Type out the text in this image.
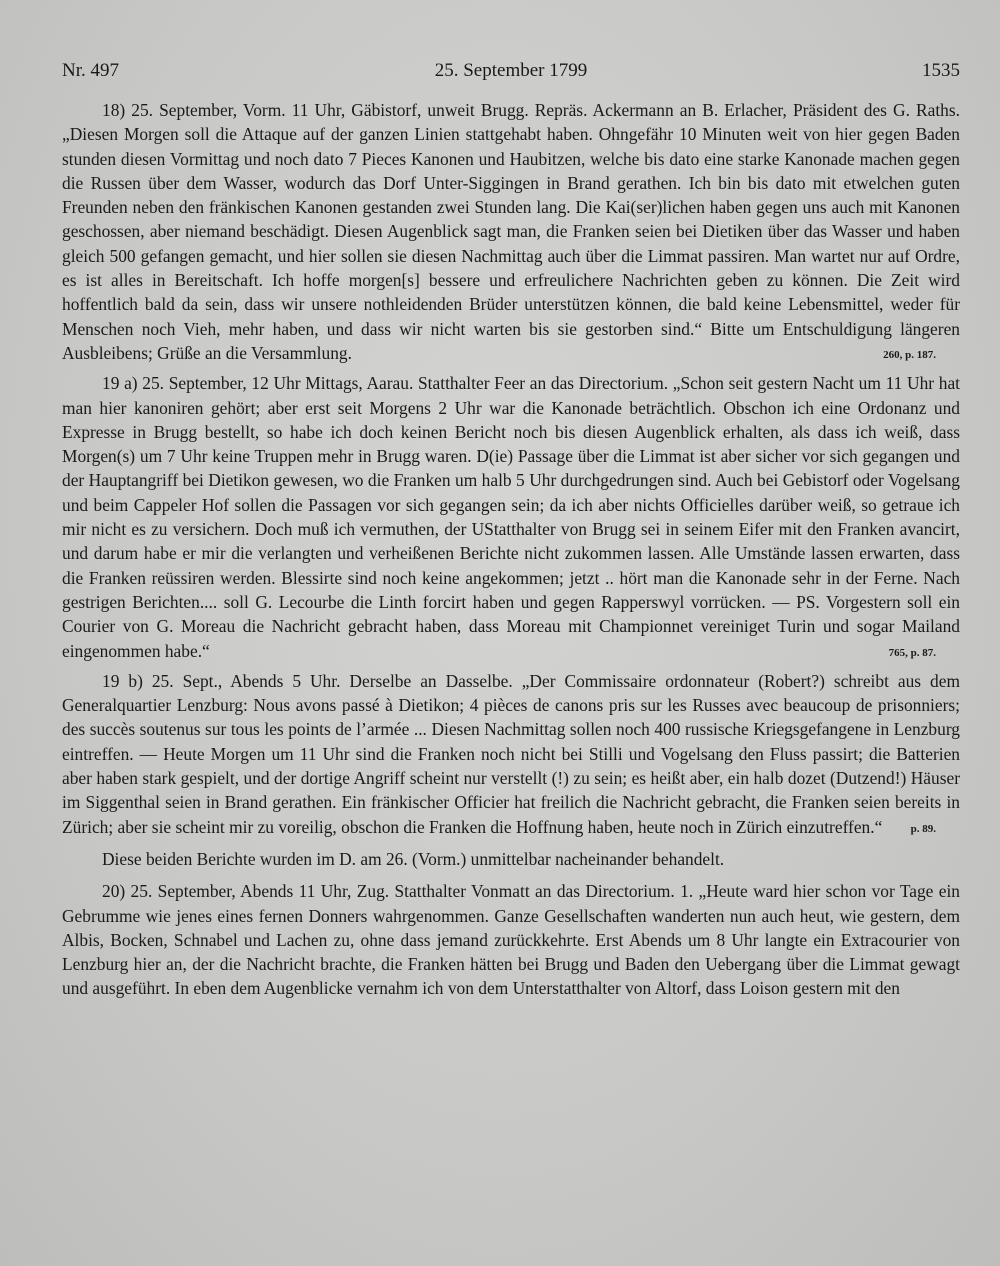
Nr. 497	25. September 1799	1535

18) 25. September, Vorm. 11 Uhr, Gäbistorf, unweit Brugg. Repräs. Ackermann an B. Erlacher, Präsident des G. Raths. „Diesen Morgen soll die Attaque auf der ganzen Linien stattgehabt haben. Ohngefähr 10 Minuten weit von hier gegen Baden stunden diesen Vormittag und noch dato 7 Pieces Kanonen und Haubitzen, welche bis dato eine starke Kanonade machen gegen die Russen über dem Wasser, wodurch das Dorf Unter-Siggingen in Brand gerathen. Ich bin bis dato mit etwelchen guten Freunden neben den fränkischen Kanonen gestanden zwei Stunden lang. Die Kai(ser)lichen haben gegen uns auch mit Kanonen geschossen, aber niemand beschädigt. Diesen Augenblick sagt man, die Franken seien bei Dietiken über das Wasser und haben gleich 500 gefangen gemacht, und hier sollen sie diesen Nachmittag auch über die Limmat passiren. Man wartet nur auf Ordre, es ist alles in Bereitschaft. Ich hoffe morgen[s] bessere und erfreulichere Nachrichten geben zu können. Die Zeit wird hoffentlich bald da sein, dass wir unsere nothleidenden Brüder unterstützen können, die bald keine Lebensmittel, weder für Menschen noch Vieh, mehr haben, und dass wir nicht warten bis sie gestorben sind.“ Bitte um Entschuldigung längeren Ausbleibens; Grüße an die Versammlung.	260, p. 187.

19 a) 25. September, 12 Uhr Mittags, Aarau. Statthalter Feer an das Directorium. „Schon seit gestern Nacht um 11 Uhr hat man hier kanoniren gehört; aber erst seit Morgens 2 Uhr war die Kanonade beträchtlich. Obschon ich eine Ordonanz und Expresse in Brugg bestellt, so habe ich doch keinen Bericht noch bis diesen Augenblick erhalten, als dass ich weiß, dass Morgen(s) um 7 Uhr keine Truppen mehr in Brugg waren. D(ie) Passage über die Limmat ist aber sicher vor sich gegangen und der Hauptangriff bei Dietikon gewesen, wo die Franken um halb 5 Uhr durchgedrungen sind. Auch bei Gebistorf oder Vogelsang und beim Cappeler Hof sollen die Passagen vor sich gegangen sein; da ich aber nichts Officielles darüber weiß, so getraue ich mir nicht es zu versichern. Doch muß ich vermuthen, der UStatthalter von Brugg sei in seinem Eifer mit den Franken avancirt, und darum habe er mir die verlangten und verheißenen Berichte nicht zukommen lassen. Alle Umstände lassen erwarten, dass die Franken reüssiren werden. Blessirte sind noch keine angekommen; jetzt .. hört man die Kanonade sehr in der Ferne. Nach gestrigen Berichten.... soll G. Lecourbe die Linth forcirt haben und gegen Rapperswyl vorrücken. — PS. Vorgestern soll ein Courier von G. Moreau die Nachricht gebracht haben, dass Moreau mit Championnet vereiniget Turin und sogar Mailand eingenommen habe.“	765, p. 87.

19 b) 25. Sept., Abends 5 Uhr. Derselbe an Dasselbe. „Der Commissaire ordonnateur (Robert?) schreibt aus dem Generalquartier Lenzburg: Nous avons passé à Dietikon; 4 pièces de canons pris sur les Russes avec beaucoup de prisonniers; des succès soutenus sur tous les points de l’armée ... Diesen Nachmittag sollen noch 400 russische Kriegsgefangene in Lenzburg eintreffen. — Heute Morgen um 11 Uhr sind die Franken noch nicht bei Stilli und Vogelsang den Fluss passirt; die Batterien aber haben stark gespielt, und der dortige Angriff scheint nur verstellt (!) zu sein; es heißt aber, ein halb dozet (Dutzend!) Häuser im Siggenthal seien in Brand gerathen. Ein fränkischer Officier hat freilich die Nachricht gebracht, die Franken seien bereits in Zürich; aber sie scheint mir zu voreilig, obschon die Franken die Hoffnung haben, heute noch in Zürich einzutreffen.“	p. 89.

Diese beiden Berichte wurden im D. am 26. (Vorm.) unmittelbar nacheinander behandelt.

20) 25. September, Abends 11 Uhr, Zug. Statthalter Vonmatt an das Directorium. 1. „Heute ward hier schon vor Tage ein Gebrumme wie jenes eines fernen Donners wahrgenommen. Ganze Gesellschaften wanderten nun auch heut, wie gestern, dem Albis, Bocken, Schnabel und Lachen zu, ohne dass jemand zurückkehrte. Erst Abends um 8 Uhr langte ein Extracourier von Lenzburg hier an, der die Nachricht brachte, die Franken hätten bei Brugg und Baden den Uebergang über die Limmat gewagt und ausgeführt. In eben dem Augenblicke vernahm ich von dem Unterstatthalter von Altorf, dass Loison gestern mit den
